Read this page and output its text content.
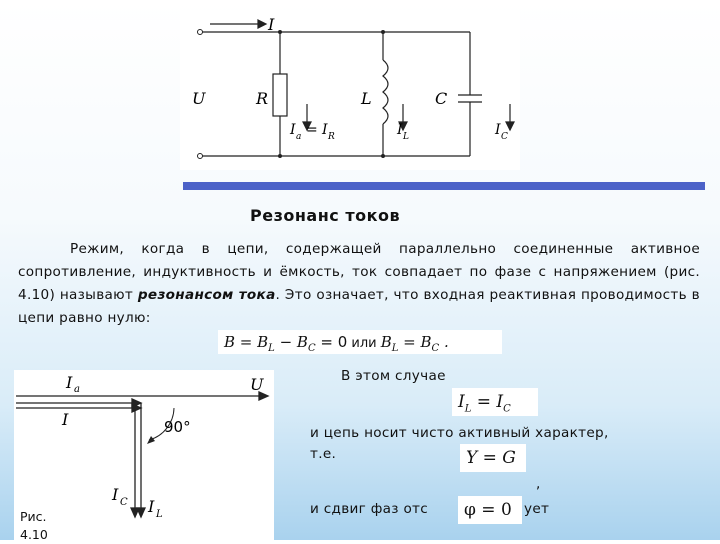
I
U	R	L	C
I a = I R	I L	I C
Резонанс токов
Режим, когда в цепи, содержащей параллельно соединенные активное сопротивление, индуктивность и ёмкость, ток совпадает по фазе с напряжением (рис. 4.10) называют резонансом тока. Это означает, что входная реактивная проводимость в цепи равно нулю:
$B = B_L - B_C = 0$ или $B_L = B_C$ .
I a
I
U
90°
I C I L
Рис.
4.10
В этом случае
$I_L = I_C$
и цепь носит чисто активный характер,
т.е.	Y = G
,
и сдвиг фаз отс	ует
φ = 0
